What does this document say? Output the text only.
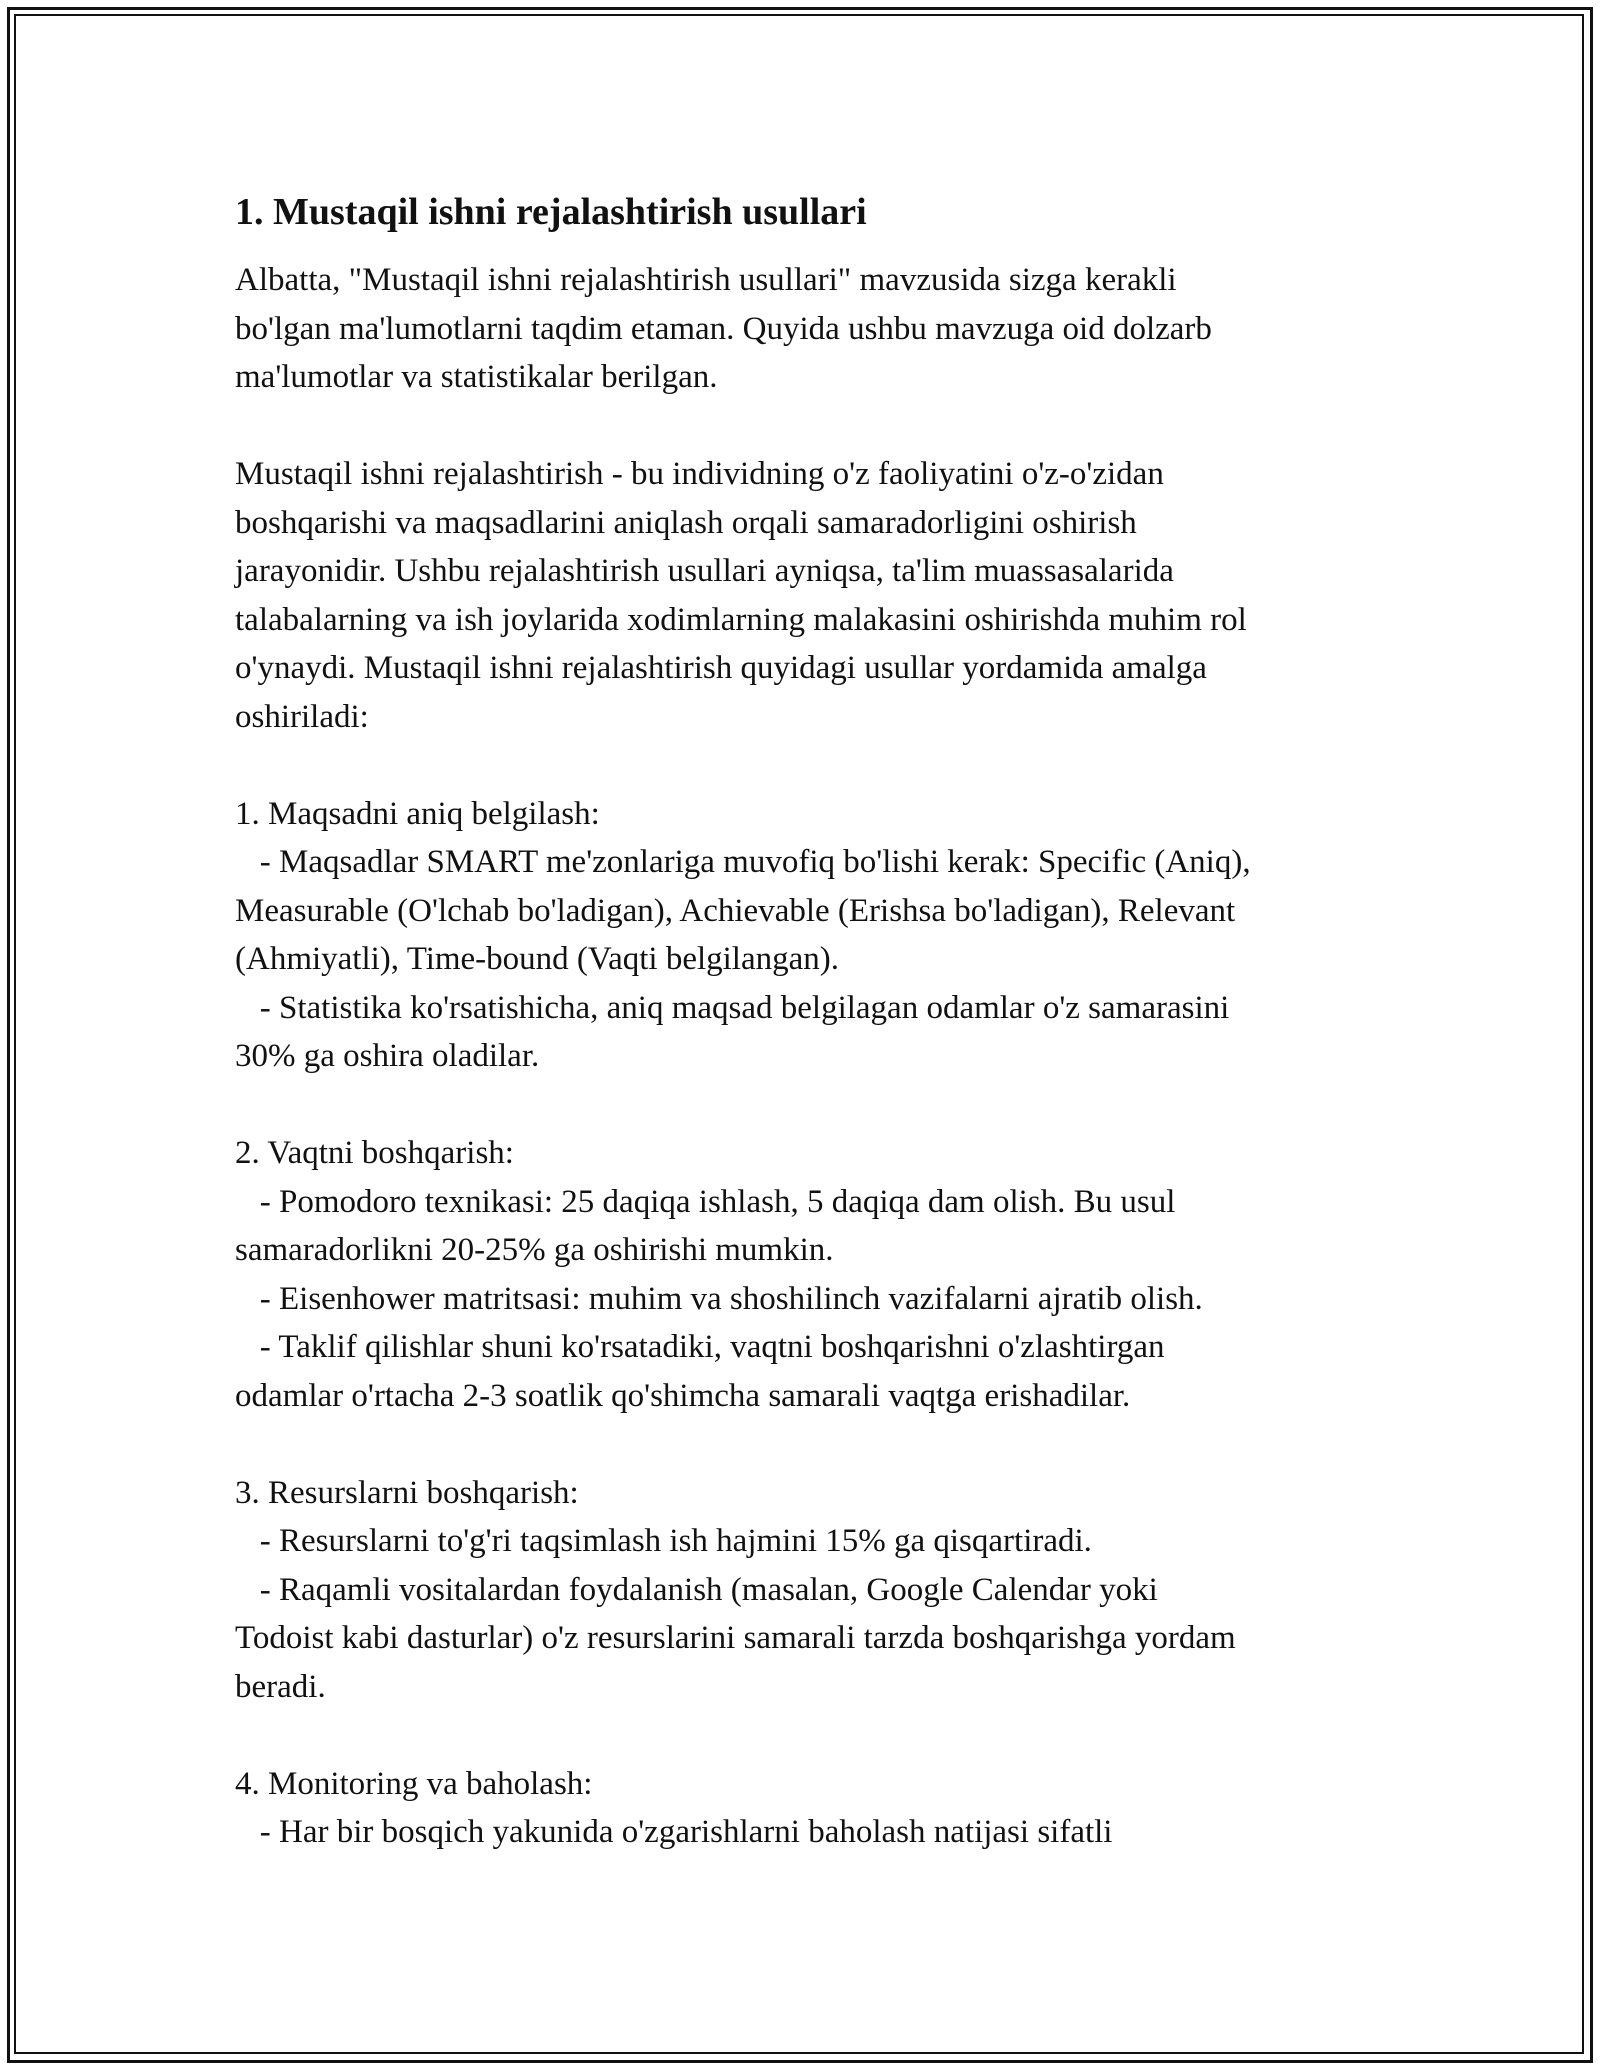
1. Mustaqil ishni rejalashtirish usullari

Albatta, "Mustaqil ishni rejalashtirish usullari" mavzusida sizga kerakli
bo'lgan ma'lumotlarni taqdim etaman. Quyida ushbu mavzuga oid dolzarb
ma'lumotlar va statistikalar berilgan.

Mustaqil ishni rejalashtirish - bu individning o'z faoliyatini o'z-o'zidan
boshqarishi va maqsadlarini aniqlash orqali samaradorligini oshirish
jarayonidir. Ushbu rejalashtirish usullari ayniqsa, ta'lim muassasalarida
talabalarning va ish joylarida xodimlarning malakasini oshirishda muhim rol
o'ynaydi. Mustaqil ishni rejalashtirish quyidagi usullar yordamida amalga
oshiriladi:

1. Maqsadni aniq belgilash:
- Maqsadlar SMART me'zonlariga muvofiq bo'lishi kerak: Specific (Aniq),
Measurable (O'lchab bo'ladigan), Achievable (Erishsa bo'ladigan), Relevant
(Ahmiyatli), Time-bound (Vaqti belgilangan).
- Statistika ko'rsatishicha, aniq maqsad belgilagan odamlar o'z samarasini
30% ga oshira oladilar.

2. Vaqtni boshqarish:
- Pomodoro texnikasi: 25 daqiqa ishlash, 5 daqiqa dam olish. Bu usul
samaradorlikni 20-25% ga oshirishi mumkin.
- Eisenhower matritsasi: muhim va shoshilinch vazifalarni ajratib olish.
- Taklif qilishlar shuni ko'rsatadiki, vaqtni boshqarishni o'zlashtirgan
odamlar o'rtacha 2-3 soatlik qo'shimcha samarali vaqtga erishadilar.

3. Resurslarni boshqarish:
- Resurslarni to'g'ri taqsimlash ish hajmini 15% ga qisqartiradi.
- Raqamli vositalardan foydalanish (masalan, Google Calendar yoki
Todoist kabi dasturlar) o'z resurslarini samarali tarzda boshqarishga yordam
beradi.

4. Monitoring va baholash:
- Har bir bosqich yakunida o'zgarishlarni baholash natijasi sifatli
